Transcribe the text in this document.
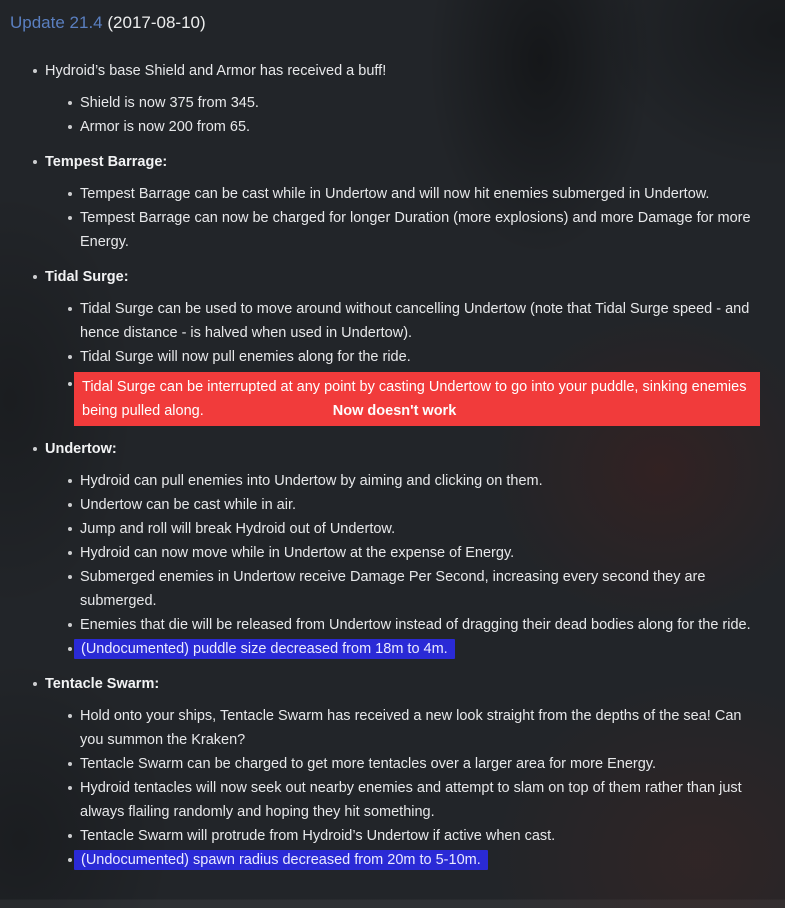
Update 21.4 (2017-08-10)
Hydroid’s base Shield and Armor has received a buff!
Shield is now 375 from 345.
Armor is now 200 from 65.
Tempest Barrage:
Tempest Barrage can be cast while in Undertow and will now hit enemies submerged in Undertow.
Tempest Barrage can now be charged for longer Duration (more explosions) and more Damage for more Energy.
Tidal Surge:
Tidal Surge can be used to move around without cancelling Undertow (note that Tidal Surge speed - and hence distance - is halved when used in Undertow).
Tidal Surge will now pull enemies along for the ride.
Tidal Surge can be interrupted at any point by casting Undertow to go into your puddle, sinking enemies being pulled along.	Now doesn't work
Undertow:
Hydroid can pull enemies into Undertow by aiming and clicking on them.
Undertow can be cast while in air.
Jump and roll will break Hydroid out of Undertow.
Hydroid can now move while in Undertow at the expense of Energy.
Submerged enemies in Undertow receive Damage Per Second, increasing every second they are submerged.
Enemies that die will be released from Undertow instead of dragging their dead bodies along for the ride.
(Undocumented) puddle size decreased from 18m to 4m.
Tentacle Swarm:
Hold onto your ships, Tentacle Swarm has received a new look straight from the depths of the sea! Can you summon the Kraken?
Tentacle Swarm can be charged to get more tentacles over a larger area for more Energy.
Hydroid tentacles will now seek out nearby enemies and attempt to slam on top of them rather than just always flailing randomly and hoping they hit something.
Tentacle Swarm will protrude from Hydroid’s Undertow if active when cast.
(Undocumented) spawn radius decreased from 20m to 5-10m.
